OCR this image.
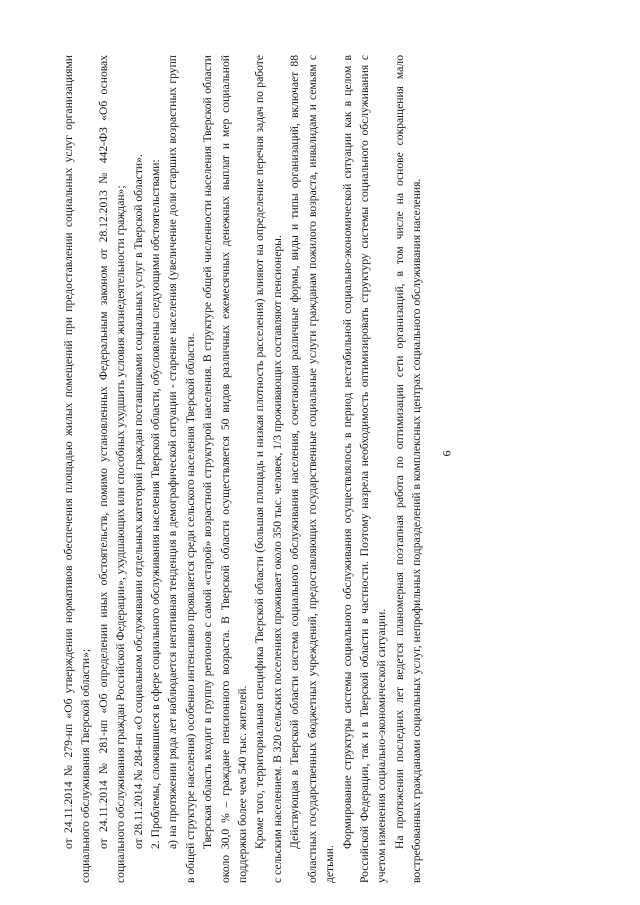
6

от 24.11.2014 № 279-нп «Об утверждении нормативов обеспечения площадью жилых помещений при предоставлении социальных услуг организациями социального обслуживания Тверской области»; от 24.11.2014 № 281-нп «Об определении иных обстоятельств, помимо установленных Федеральным законом от 28.12.2013 № 442-ФЗ «Об основах социального обслуживания граждан Российской Федерации», ухудшающих или способных ухудшить условия жизнедеятельности граждан»; от 28.11.2014 № 284-нп «О социальном обслуживании отдельных категорий граждан поставщиками социальных услуг в Тверской области». 2. Проблемы, сложившиеся в сфере социального обслуживания населения Тверской области, обусловлены следующими обстоятельствами: а) на протяжении ряда лет наблюдается негативная тенденция в демографической ситуации - старение населения (увеличение доли старших возрастных групп в общей структуре населения) особенно интенсивно проявляется среди сельского населения Тверской области. Тверская область входит в группу регионов с самой «старой» возрастной структурой населения. В структуре общей численности населения Тверской области около 30,0 % – граждане пенсионного возраста. В Тверской области осуществляется 50 видов различных ежемесячных денежных выплат и мер социальной поддержки более чем 540 тыс. жителей. Кроме того, территориальная специфика Тверской области (большая площадь и низкая плотность расселения) влияют на определение перечня задач по работе с сельским населением. В 320 сельских поселениях проживает около 350 тыс. человек, 1/3 проживающих составляют пенсионеры. Действующая в Тверской области система социального обслуживания населения, сочетающая различные формы, виды и типы организаций, включает 88 областных государственных бюджетных учреждений, предоставляющих государственные социальные услуги гражданам пожилого возраста, инвалидам и семьям с детьми.

Формирование структуры системы социального обслуживания осуществлялось в период нестабильной социально-экономической ситуации как в целом в Российской Федерации, так и в Тверской области в частности. Поэтому назрела необходимость оптимизировать структуру системы социального обслуживания с учетом изменения социально-экономической ситуации. На протяжении последних лет ведется планомерная поэтапная работа по оптимизации сети организаций, в том числе на основе сокращения мало востребованных гражданами социальных услуг, непрофильных подразделений в комплексных центрах социального обслуживания населения.
